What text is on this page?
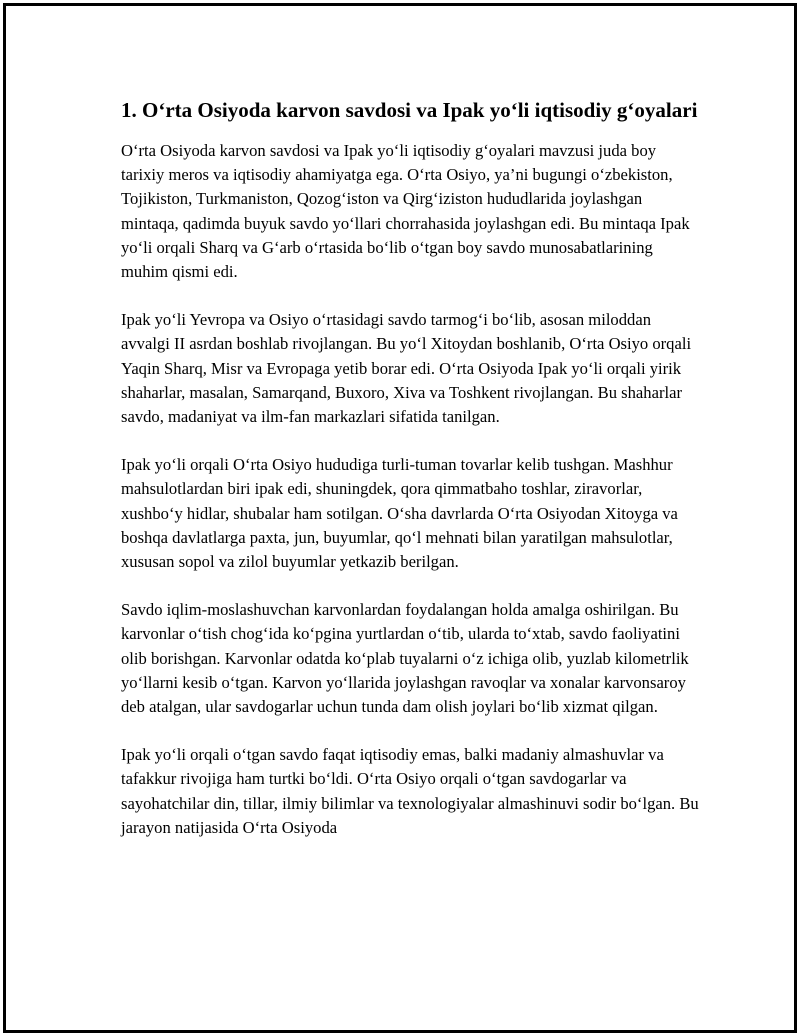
1. O‘rta Osiyoda karvon savdosi va Ipak yo‘li iqtisodiy g‘oyalari

O‘rta Osiyoda karvon savdosi va Ipak yo‘li iqtisodiy g‘oyalari mavzusi juda boy tarixiy meros va iqtisodiy ahamiyatga ega. O‘rta Osiyo, ya’ni bugungi o‘zbekiston, Tojikiston, Turkmaniston, Qozog‘iston va Qirg‘iziston hududlarida joylashgan mintaqa, qadimda buyuk savdo yo‘llari chorrahasida joylashgan edi. Bu mintaqa Ipak yo‘li orqali Sharq va G‘arb o‘rtasida bo‘lib o‘tgan boy savdo munosabatlarining muhim qismi edi.

Ipak yo‘li Yevropa va Osiyo o‘rtasidagi savdo tarmog‘i bo‘lib, asosan miloddan avvalgi II asrdan boshlab rivojlangan. Bu yo‘l Xitoydan boshlanib, O‘rta Osiyo orqali Yaqin Sharq, Misr va Evropaga yetib borar edi. O‘rta Osiyoda Ipak yo‘li orqali yirik shaharlar, masalan, Samarqand, Buxoro, Xiva va Toshkent rivojlangan. Bu shaharlar savdo, madaniyat va ilm-fan markazlari sifatida tanilgan.

Ipak yo‘li orqali O‘rta Osiyo hududiga turli-tuman tovarlar kelib tushgan. Mashhur mahsulotlardan biri ipak edi, shuningdek, qora qimmatbaho toshlar, ziravorlar, xushbo‘y hidlar, shubalar ham sotilgan. O‘sha davrlarda O‘rta Osiyodan Xitoyga va boshqa davlatlarga paxta, jun, buyumlar, qo‘l mehnati bilan yaratilgan mahsulotlar, xususan sopol va zilol buyumlar yetkazib berilgan.

Savdo iqlim-moslashuvchan karvonlardan foydalangan holda amalga oshirilgan. Bu karvonlar o‘tish chog‘ida ko‘pgina yurtlardan o‘tib, ularda to‘xtab, savdo faoliyatini olib borishgan. Karvonlar odatda ko‘plab tuyalarni o‘z ichiga olib, yuzlab kilometrlik yo‘llarni kesib o‘tgan. Karvon yo‘llarida joylashgan ravoqlar va xonalar karvonsaroy deb atalgan, ular savdogarlar uchun tunda dam olish joylari bo‘lib xizmat qilgan.

Ipak yo‘li orqali o‘tgan savdo faqat iqtisodiy emas, balki madaniy almashuvlar va tafakkur rivojiga ham turtki bo‘ldi. O‘rta Osiyo orqali o‘tgan savdogarlar va sayohatchilar din, tillar, ilmiy bilimlar va texnologiyalar almashinuvi sodir bo‘lgan. Bu jarayon natijasida O‘rta Osiyoda
